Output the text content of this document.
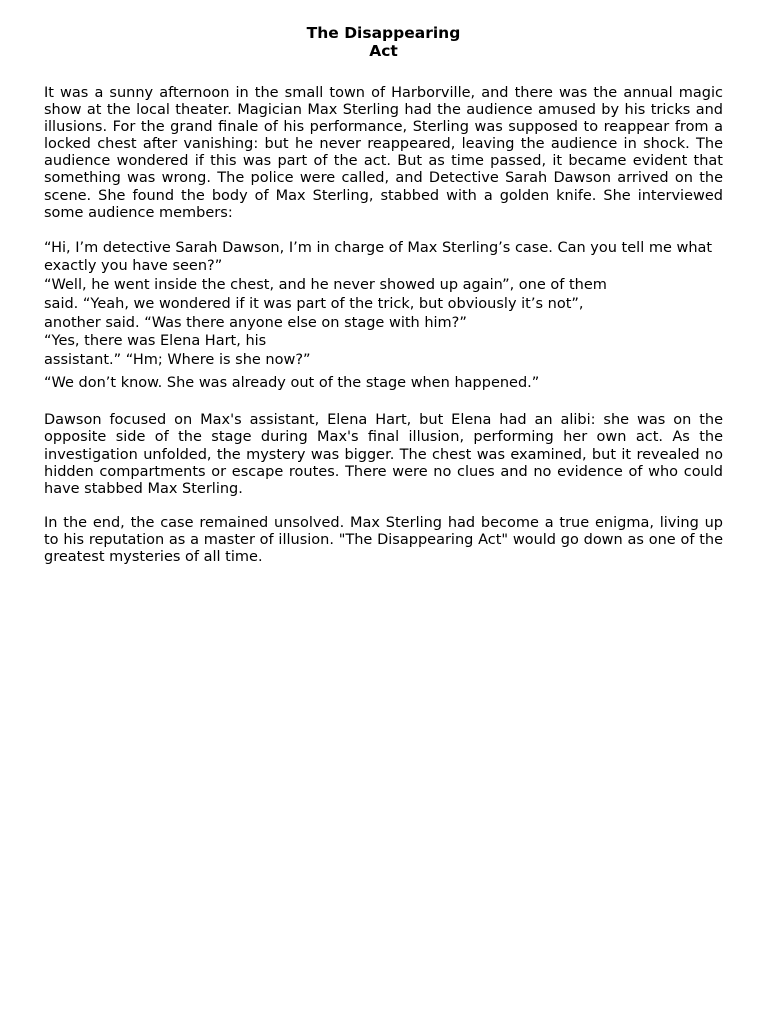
The Disappearing
Act

It was a sunny afternoon in the small town of Harborville, and there was the annual magic show at the local theater. Magician Max Sterling had the audience amused by his tricks and illusions. For the grand finale of his performance, Sterling was supposed to reappear from a locked chest after vanishing: but he never reappeared, leaving the audience in shock. The audience wondered if this was part of the act. But as time passed, it became evident that something was wrong. The police were called, and Detective Sarah Dawson arrived on the scene. She found the body of Max Sterling, stabbed with a golden knife. She interviewed some audience members:

“Hi, I’m detective Sarah Dawson, I’m in charge of Max Sterling’s case. Can you tell me what exactly you have seen?”
“Well, he went inside the chest, and he never showed up again”, one of them
said. “Yeah, we wondered if it was part of the trick, but obviously it’s not”,
another said. “Was there anyone else on stage with him?”
“Yes, there was Elena Hart, his
assistant.” “Hm; Where is she now?”
“We don’t know. She was already out of the stage when happened.”

Dawson focused on Max's assistant, Elena Hart, but Elena had an alibi: she was on the opposite side of the stage during Max's final illusion, performing her own act. As the investigation unfolded, the mystery was bigger. The chest was examined, but it revealed no hidden compartments or escape routes. There were no clues and no evidence of who could have stabbed Max Sterling.

In the end, the case remained unsolved. Max Sterling had become a true enigma, living up to his reputation as a master of illusion. "The Disappearing Act" would go down as one of the greatest mysteries of all time.
